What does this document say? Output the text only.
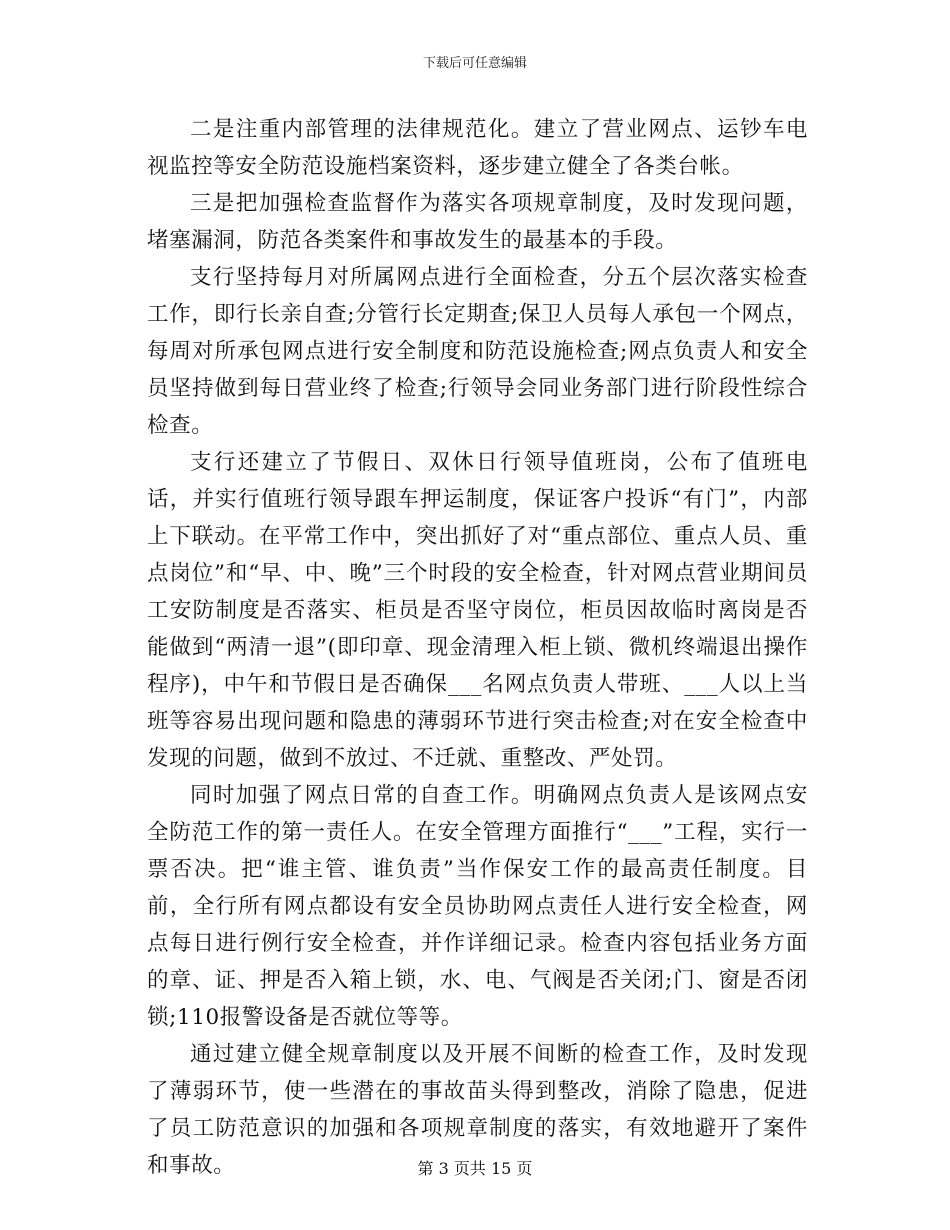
下载后可任意编辑

二是注重内部管理的法律规范化。建立了营业网点、运钞车电视监控等安全防范设施档案资料，逐步建立健全了各类台帐。

三是把加强检查监督作为落实各项规章制度，及时发现问题，堵塞漏洞，防范各类案件和事故发生的最基本的手段。

支行坚持每月对所属网点进行全面检查，分五个层次落实检查工作，即行长亲自查;分管行长定期查;保卫人员每人承包一个网点，每周对所承包网点进行安全制度和防范设施检查;网点负责人和安全员坚持做到每日营业终了检查;行领导会同业务部门进行阶段性综合检查。

支行还建立了节假日、双休日行领导值班岗，公布了值班电话，并实行值班行领导跟车押运制度，保证客户投诉“有门”，内部上下联动。在平常工作中，突出抓好了对“重点部位、重点人员、重点岗位”和“早、中、晚”三个时段的安全检查，针对网点营业期间员工安防制度是否落实、柜员是否坚守岗位，柜员因故临时离岗是否能做到“两清一退”(即印章、现金清理入柜上锁、微机终端退出操作程序)，中午和节假日是否确保___名网点负责人带班、___人以上当班等容易出现问题和隐患的薄弱环节进行突击检查;对在安全检查中发现的问题，做到不放过、不迁就、重整改、严处罚。

同时加强了网点日常的自查工作。明确网点负责人是该网点安全防范工作的第一责任人。在安全管理方面推行“___”工程，实行一票否决。把“谁主管、谁负责”当作保安工作的最高责任制度。目前，全行所有网点都设有安全员协助网点责任人进行安全检查，网点每日进行例行安全检查，并作详细记录。检查内容包括业务方面的章、证、押是否入箱上锁，水、电、气阀是否关闭;门、窗是否闭锁;110报警设备是否就位等等。

通过建立健全规章制度以及开展不间断的检查工作，及时发现了薄弱环节，使一些潜在的事故苗头得到整改，消除了隐患，促进了员工防范意识的加强和各项规章制度的落实，有效地避开了案件和事故。	第 3 页共 15 页
